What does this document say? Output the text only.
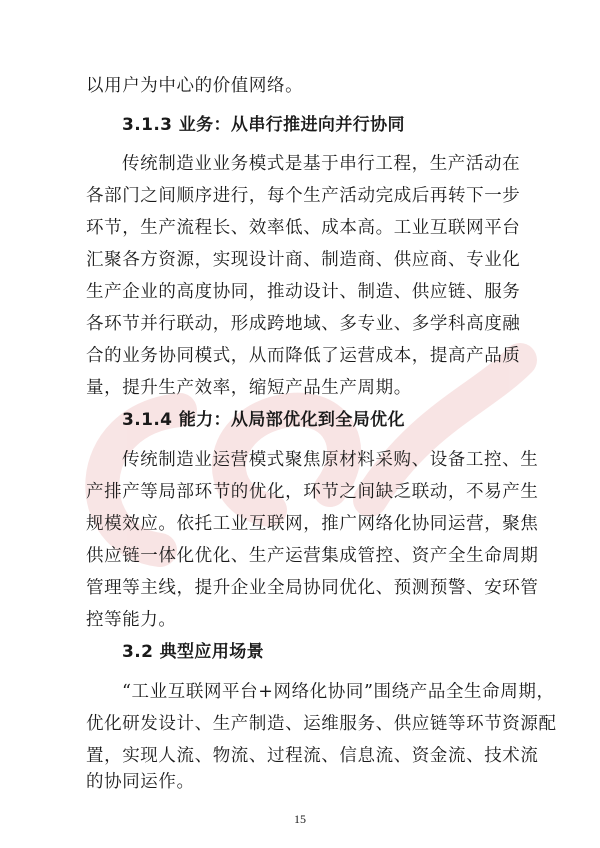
以用户为中心的价值网络。
3.1.3 业务：从串行推进向并行协同
传统制造业业务模式是基于串行工程，生产活动在
各部门之间顺序进行，每个生产活动完成后再转下一步
环节，生产流程长、效率低、成本高。工业互联网平台
汇聚各方资源，实现设计商、制造商、供应商、专业化
生产企业的高度协同，推动设计、制造、供应链、服务
各环节并行联动，形成跨地域、多专业、多学科高度融
合的业务协同模式，从而降低了运营成本，提高产品质
量，提升生产效率，缩短产品生产周期。
3.1.4 能力：从局部优化到全局优化
传统制造业运营模式聚焦原材料采购、设备工控、生
产排产等局部环节的优化，环节之间缺乏联动，不易产生
规模效应。依托工业互联网，推广网络化协同运营，聚焦
供应链一体化优化、生产运营集成管控、资产全生命周期
管理等主线，提升企业全局协同优化、预测预警、安环管
控等能力。
3.2 典型应用场景
“工业互联网平台+网络化协同”围绕产品全生命周期，
优化研发设计、生产制造、运维服务、供应链等环节资源配
置，实现人流、物流、过程流、信息流、资金流、技术流
的协同运作。
15
